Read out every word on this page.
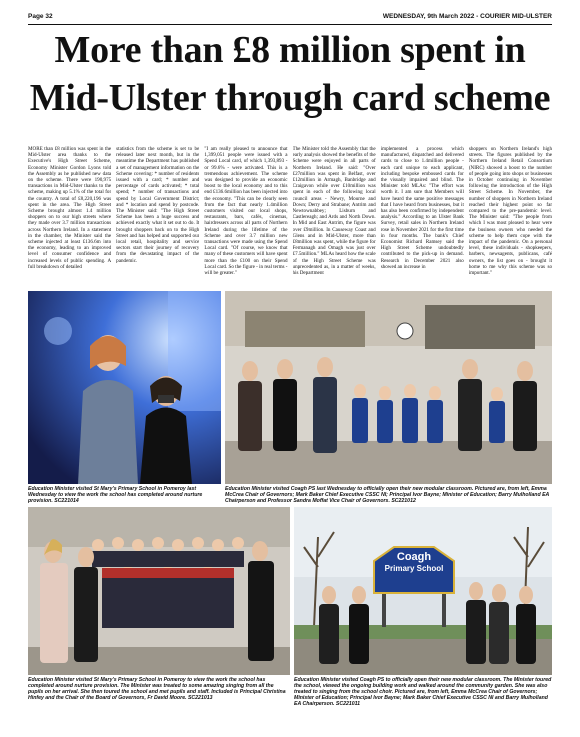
Page 32	WEDNESDAY, 9th March 2022 - COURIER MID-ULSTER
More than £8 million spent in Mid-Ulster through card scheme

MORE than £8 million was spent in the Mid-Ulster area thanks to the Executive's High Street Scheme, Economy Minister Gordon Lyons told the Assembly as he published new data on the scheme. There were 190,975 transactions in Mid-Ulster thanks to the scheme, making up 5.1% of the total for the country. A total of £8,220,196 was spent in the area. The High Street Scheme brought almost 1.4 million shoppers on to our high streets where they made over 3.7 million transactions across Northern Ireland. In a statement in the chamber, the Minister said the scheme injected at least £136.6m into the economy, leading to an improved level of consumer confidence and increased levels of public spending. A full breakdown of detailed

statistics from the scheme is set to be released later next month, but in the meantime the Department has published a set of management information on the Scheme covering: * number of residents issued with a card; * number and percentage of cards activated; * total spend; * number of transactions and spend by Local Government District; and * location and spend by postcode. The Minister said: "The High Street Scheme has been a huge success and achieved exactly what it set out to do. It brought shoppers back on to the High Street and has helped and supported our local retail, hospitality and service sectors start their journey of recovery from the devastating impact of the pandemic.

"I am really pleased to announce that 1,399,051 people were issued with a Spend Local card, of which 1,393,893 - or 99.6% - were activated. This is a tremendous achievement. The scheme was designed to provide an economic boost to the local economy and to this end £136.6million has been injected into the economy. "This can be clearly seen from the fact that nearly 1.4million customers visited our local shops, restaurants, bars, cafés, cinemas, hairdressers across all parts of Northern Ireland during the lifetime of the Scheme and over 3.7 million new transactions were made using the Spend Local card. "Of course, we know that many of these customers will have spent more than the £100 on their Spend Local card. So the figure - in real terms - will be greater."

The Minister told the Assembly that the early analysis showed the benefits of the Scheme were enjoyed in all parts of Northern Ireland. He said: "Over £27million was spent in Belfast, over £12million in Armagh, Banbridge and Craigavon while over £10million was spent in each of the following local council areas - Newry, Mourne and Down; Derry and Strabane; Antrim and Newtownabbey; Lisburn and Castlereagh; and Ards and North Down. In Mid and East Antrim, the figure was over £9million. In Causeway Coast and Glens and in Mid-Ulster, more than £8million was spent, while the figure for Fermanagh and Omagh was just over £7.5million." MLAs heard how the scale of the High Street Scheme was unprecedented as, in a matter of weeks, his Department

implemented a process which manufactured, dispatched and delivered cards to close to 1.4million people - each card unique to each applicant, including bespoke embossed cards for the visually impaired and blind. The Minister told MLAs: "The effort was worth it. I am sure that Members will have heard the same positive messages that I have heard from businesses, but it has also been confirmed by independent analysis." According to an Ulster Bank Survey, retail sales in Northern Ireland rose in November 2021 for the first time in four months. The bank's Chief Economist Richard Ramsey said the High Street Scheme undoubtedly contributed to the pick-up in demand. Research in December 2021 also showed an increase in

shoppers on Northern Ireland's high streets. The figures published by the Northern Ireland Retail Consortium (NIRC) showed a boost to the number of people going into shops or businesses in October continuing in November following the introduction of the High Street Scheme. In November, the number of shoppers in Northern Ireland reached their highest point so far compared to the pre-pandemic level. The Minister said: "The people from which I was most pleased to hear were the business owners who needed the scheme to help them cope with the impact of the pandemic. On a personal level, these individuals - shopkeepers, barbers, newsagents, publicans, café owners, the list goes on - brought it home to me why this scheme was so important."

Education Minister visited St Mary's Primary School in Pomeroy last Wednesday to view the work the school has completed around nurture provision. SC221014

Education Minister visited Coagh PS last Wednesday to officially open their new modular classroom. Pictured are, from left, Emma McCrea Chair of Governors; Mark Baker Chief Executive CSSC NI; Principal Ivor Bayne; Minister of Education; Barry Mulholland EA Chairperson and Professor Sandra Moffat Vice Chair of Governors. SC221012

Coagh
Primary School

Education Minister visited St Mary's Primary School in Pomeroy to view the work the school has completed around nurture provision. The Minister was treated to some amazing singing from all the pupils on her arrival. She then toured the school and met pupils and staff. Included is Principal Christina Hinfey and the Chair of the Board of Governors, Fr David Moore. SC221013

Education Minister visited Coagh PS to officially open their new modular classroom. The Minister toured the school, viewed the ongoing building work and walked around the community garden. She was also treated to singing from the school choir. Pictured are, from left, Emma McCrea Chair of Governors; Minister of Education; Principal Ivor Bayne; Mark Baker Chief Executive CSSC NI and Barry Mulholland EA Chairperson. SC221011
